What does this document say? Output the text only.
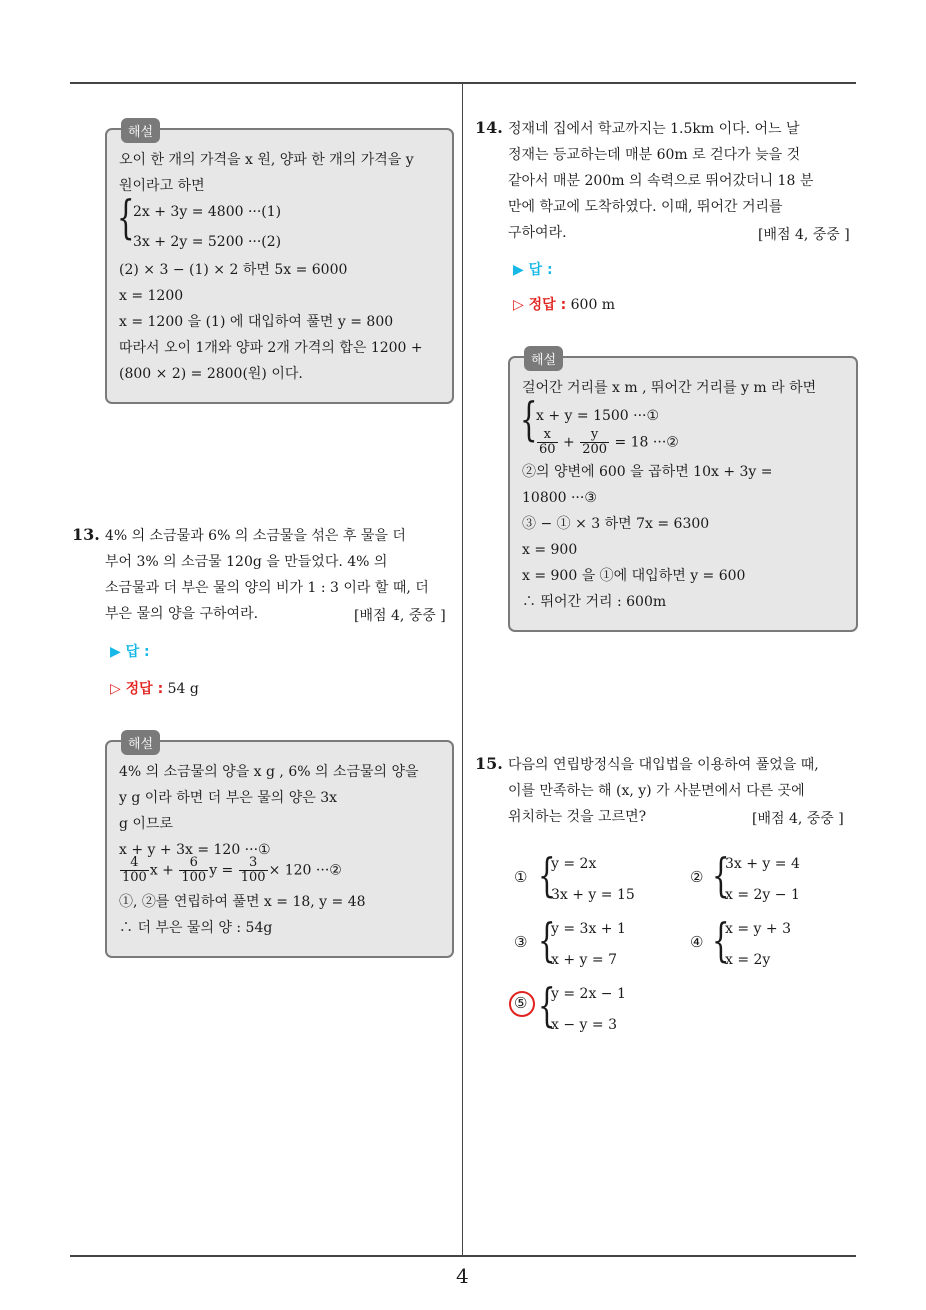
해설
오이 한 개의 가격을 x 원, 양파 한 개의 가격을 y
원이라고 하면
{
2x + 3y = 4800 ···(1)
3x + 2y = 5200 ···(2)
(2) × 3 − (1) × 2 하면 5x = 6000
x = 1200
x = 1200 을 (1) 에 대입하여 풀면 y = 800
따라서 오이 1개와 양파 2개 가격의 합은 1200 +
(800 × 2) = 2800(원) 이다.
13. 4% 의 소금물과 6% 의 소금물을 섞은 후 물을 더
부어 3% 의 소금물 120g 을 만들었다. 4% 의
소금물과 더 부은 물의 양의 비가 1 : 3 이라 할 때, 더
부은 물의 양을 구하여라.	[배점 4, 중중 ]
▶ 답 :
▷ 정답 : 54 g
해설
4% 의 소금물의 양을 x g , 6% 의 소금물의 양을
y g 이라 하면 더 부은 물의 양은 3x
g 이므로
x + y + 3x = 120 ···①
$\frac{4}{100}$ $x + \frac{6}{100}$ $y = \frac{3}{100} \times 120$ ···②
①, ②를 연립하여 풀면 x = 18, y = 48
∴ 더 부은 물의 양 : 54g
14. 정재네 집에서 학교까지는 1.5km 이다. 어느 날
정재는 등교하는데 매분 60m 로 걷다가 늦을 것
같아서 매분 200m 의 속력으로 뛰어갔더니 18 분
만에 학교에 도착하였다. 이때, 뛰어간 거리를
구하여라.	[배점 4, 중중 ]
▶ 답 :
▷ 정답 : 600 m
해설
걸어간 거리를 x m , 뛰어간 거리를 y m 라 하면
{
x + y = 1500 ···①
$\frac{x}{60} + \frac{y}{200} = 18$ ···②
②의 양변에 600 을 곱하면 10x + 3y =
10800 ···③
③ − ① × 3 하면 7x = 6300
x = 900
x = 900 을 ①에 대입하면 y = 600
∴ 뛰어간 거리 : 600m
15. 다음의 연립방정식을 대입법을 이용하여 풀었을 때,
이를 만족하는 해 (x, y) 가 사분면에서 다른 곳에
위치하는 것을 고르면?	[배점 4, 중중 ]
① {
y = 2x
3x + y = 15
② {
3x + y = 4
x = 2y − 1
③ {
y = 3x + 1
x + y = 7
④ {
x = y + 3
x = 2y
⑤ {
y = 2x − 1
x − y = 3
4
